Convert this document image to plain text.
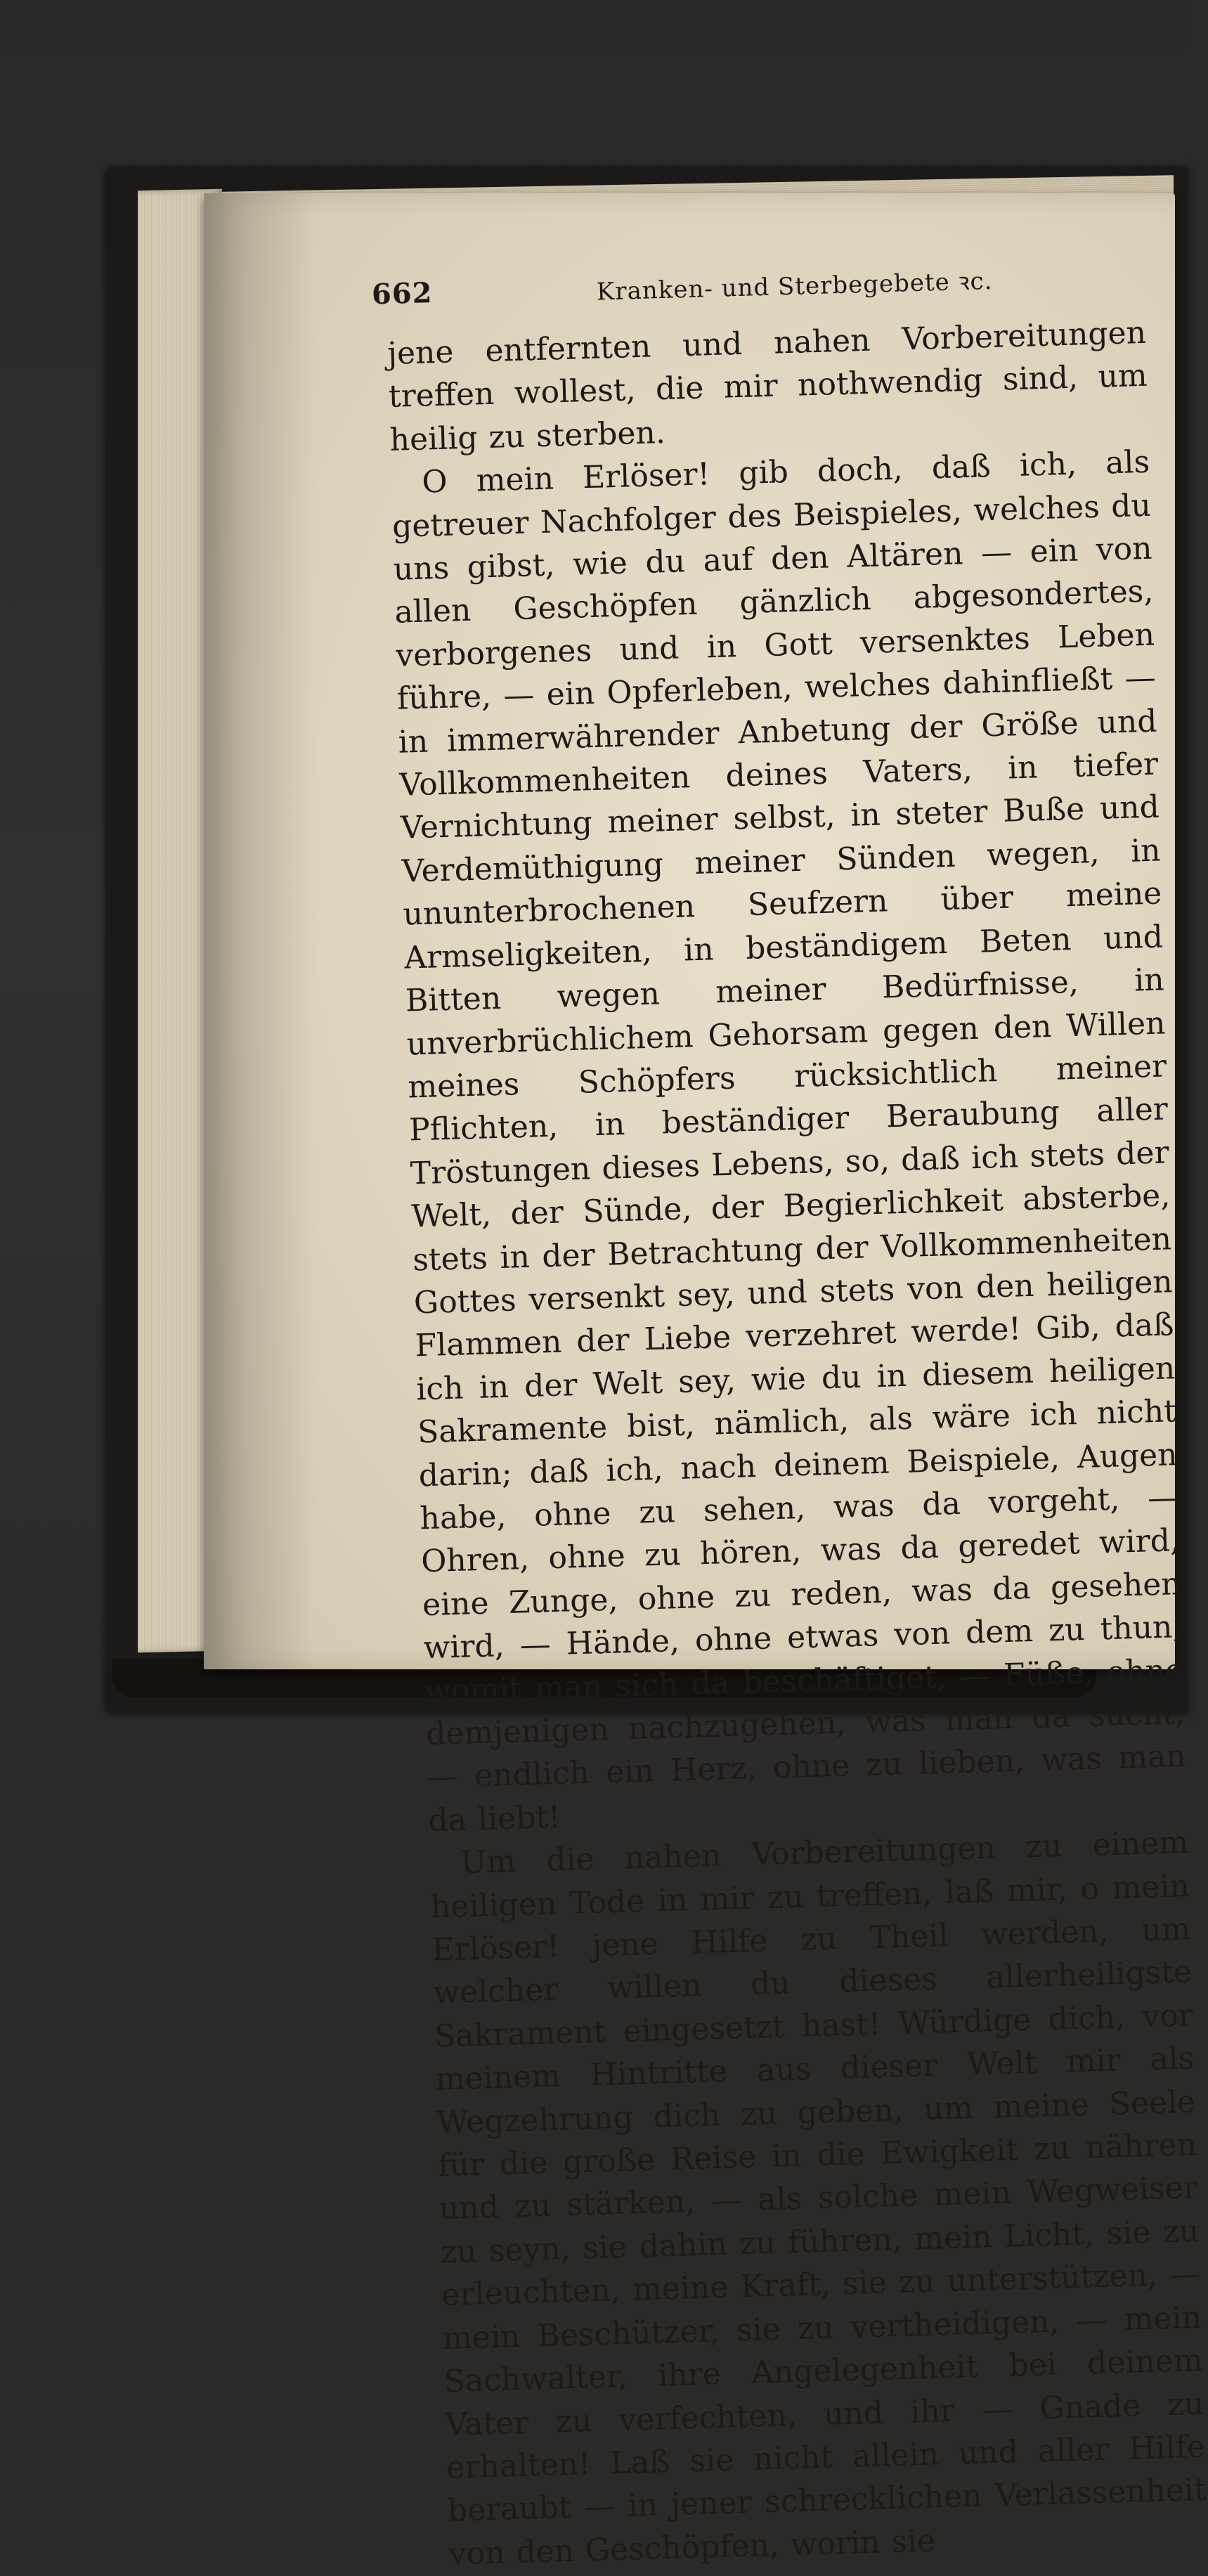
662	Kranken- und Sterbegebete ꝛc.

jene entfernten und nahen Vorbereitungen treffen wollest, die mir nothwendig sind, um heilig zu sterben.

O mein Erlöser! gib doch, daß ich, als getreuer Nachfolger des Beispieles, welches du uns gibst, wie du auf den Altären — ein von allen Geschöpfen gänzlich abgesondertes, verborgenes und in Gott versenktes Leben führe, — ein Opferleben, welches dahinfließt — in immerwährender Anbetung der Größe und Vollkommenheiten deines Vaters, in tiefer Vernichtung meiner selbst, in steter Buße und Verdemüthigung meiner Sünden wegen, in ununterbrochenen Seufzern über meine Armseligkeiten, in beständigem Beten und Bitten wegen meiner Bedürfnisse, in unverbrüchlichem Gehorsam gegen den Willen meines Schöpfers rücksichtlich meiner Pflichten, in beständiger Beraubung aller Tröstungen dieses Lebens, so, daß ich stets der Welt, der Sünde, der Begierlichkeit absterbe, stets in der Betrachtung der Vollkommenheiten Gottes versenkt sey, und stets von den heiligen Flammen der Liebe verzehret werde! Gib, daß ich in der Welt sey, wie du in diesem heiligen Sakramente bist, nämlich, als wäre ich nicht darin; daß ich, nach deinem Beispiele, Augen habe, ohne zu sehen, was da vorgeht, — Ohren, ohne zu hören, was da geredet wird, eine Zunge, ohne zu reden, was da gesehen wird, — Hände, ohne etwas von dem zu thun, womit man sich da beschäftiget, — Füße, ohne demjenigen nachzugehen, was man da sucht, — endlich ein Herz, ohne zu lieben, was man da liebt!

Um die nahen Vorbereitungen zu einem heiligen Tode in mir zu treffen, laß mir, o mein Erlöser! jene Hilfe zu Theil werden, um welcher willen du dieses allerheiligste Sakrament eingesetzt hast! Würdige dich, vor meinem Hintritte aus dieser Welt mir als Wegzehrung dich zu geben, um meine Seele für die große Reise in die Ewigkeit zu nähren und zu stärken, — als solche mein Wegweiser zu seyn, sie dahin zu führen, mein Licht, sie zu erleuchten, meine Kraft, sie zu unterstützen, — mein Beschützer, sie zu vertheidigen, — mein Sachwalter, ihre Angelegenheit bei deinem Vater zu verfechten, und ihr — Gnade zu erhalten! Laß sie nicht allein und aller Hilfe beraubt — in jener schrecklichen Verlassenheit von den Geschöpfen, worin sie
